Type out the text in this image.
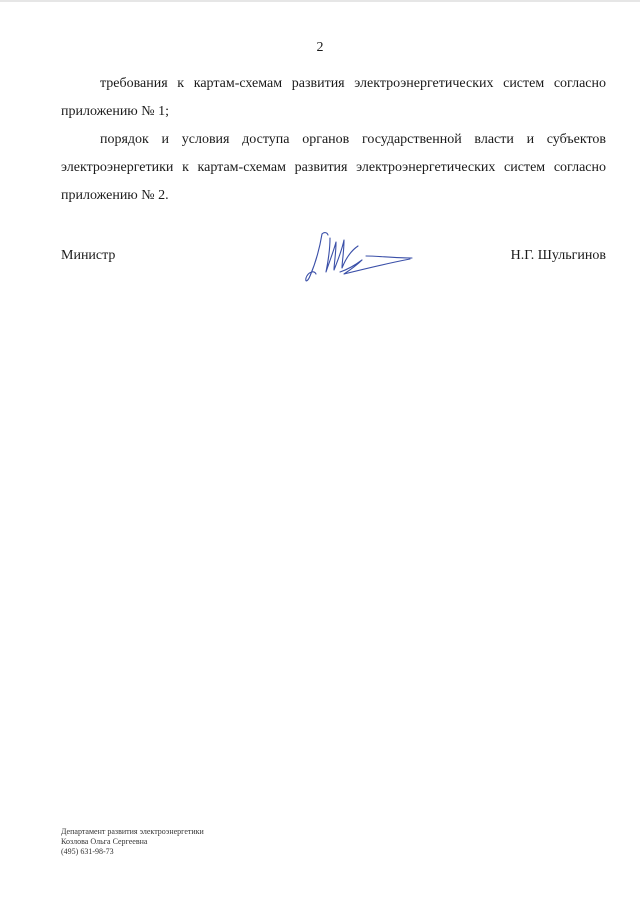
2

требования к картам-схемам развития электроэнергетических систем согласно приложению № 1;

порядок и условия доступа органов государственной власти и субъектов электроэнергетики к картам-схемам развития электроэнергетических систем согласно приложению № 2.

Министр	Н.Г. Шульгинов
Департамент развития электроэнергетики
Козлова Ольга Сергеевна
(495) 631-98-73
